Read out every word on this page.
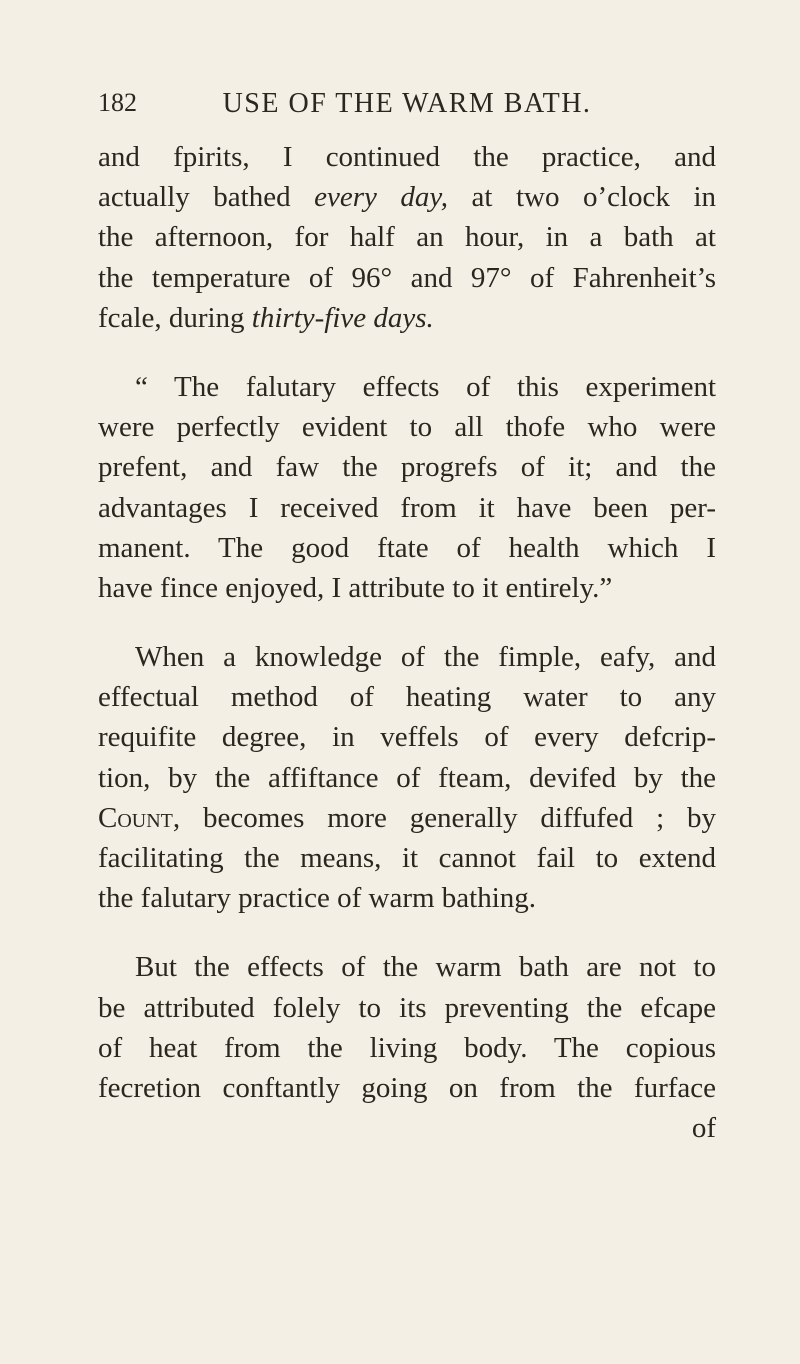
USE OF THE WARM BATH.
182
and fpirits, I continued the practice, and
actually bathed every day, at two o’clock in
the afternoon, for half an hour, in a bath at
the temperature of 96° and 97° of Fahrenheit’s
fcale, during thirty-five days.
“ The falutary effects of this experiment
were perfectly evident to all thofe who were
prefent, and faw the progrefs of it; and the
advantages I received from it have been per-
manent. The good ftate of health which I
have fince enjoyed, I attribute to it entirely.”
When a knowledge of the fimple, eafy, and
effectual method of heating water to any
requifite degree, in veffels of every defcrip-
tion, by the affiftance of fteam, devifed by the
Count, becomes more generally diffufed ; by
facilitating the means, it cannot fail to extend
the falutary practice of warm bathing.
But the effects of the warm bath are not to
be attributed folely to its preventing the efcape
of heat from the living body. The copious
fecretion conftantly going on from the furface
of
